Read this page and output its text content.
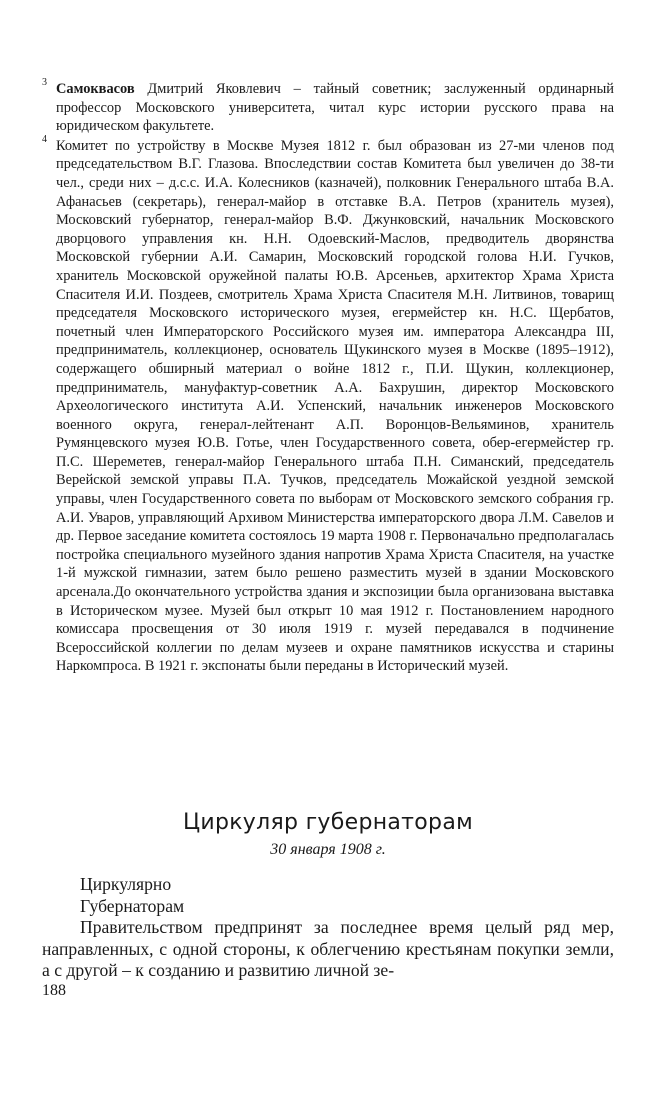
3 Самоквасов Дмитрий Яковлевич – тайный советник; заслуженный ординарный профессор Московского университета, читал курс истории русского права на юридическом факультете.

4 Комитет по устройству в Москве Музея 1812 г. был образован из 27-ми членов под председательством В.Г. Глазова. Впоследствии состав Комитета был увеличен до 38-ти чел., среди них – д.с.с. И.А. Колесников (казначей), полковник Генерального штаба В.А. Афанасьев (секретарь), генерал-майор в отставке В.А. Петров (хранитель музея), Московский губернатор, генерал-майор В.Ф. Джунковский, начальник Московского дворцового управления кн. Н.Н. Одоевский-Маслов, предводитель дворянства Московской губернии А.И. Самарин, Московский городской голова Н.И. Гучков, хранитель Московской оружейной палаты Ю.В. Арсеньев, архитектор Храма Христа Спасителя И.И. Поздеев, смотритель Храма Христа Спасителя М.Н. Литвинов, товарищ председателя Московского исторического музея, егермейстер кн. Н.С. Щербатов, почетный член Императорского Российского музея им. императора Александра III, предприниматель, коллекционер, основатель Щукинского музея в Москве (1895–1912), содержащего обширный материал о войне 1812 г., П.И. Щукин, коллекционер, предприниматель, мануфактур-советник А.А. Бахрушин, директор Московского Археологического института А.И. Успенский, начальник инженеров Московского военного округа, генерал-лейтенант А.П. Воронцов-Вельяминов, хранитель Румянцевского музея Ю.В. Готье, член Государственного совета, обер-егермейстер гр. П.С. Шереметев, генерал-майор Генерального штаба П.Н. Симанский, председатель Верейской земской управы П.А. Тучков, председатель Можайской уездной земской управы, член Государственного совета по выборам от Московского земского собрания гр. А.И. Уваров, управляющий Архивом Министерства императорского двора Л.М. Савелов и др. Первое заседание комитета состоялось 19 марта 1908 г. Первоначально предполагалась постройка специального музейного здания напротив Храма Христа Спасителя, на участке 1-й мужской гимназии, затем было решено разместить музей в здании Московского арсенала.До окончательного устройства здания и экспозиции была организована выставка в Историческом музее. Музей был открыт 10 мая 1912 г. Постановлением народного комиссара просвещения от 30 июля 1919 г. музей передавался в подчинение Всероссийской коллегии по делам музеев и охране памятников искусства и старины Наркомпроса. В 1921 г. экспонаты были переданы в Исторический музей.

Циркуляр губернаторам
30 января 1908 г.

Циркулярно

Губернаторам

Правительством предпринят за последнее время целый ряд мер, направленных, с одной стороны, к облегчению крестьянам покупки земли, а с другой – к созданию и развитию личной зе-

188
